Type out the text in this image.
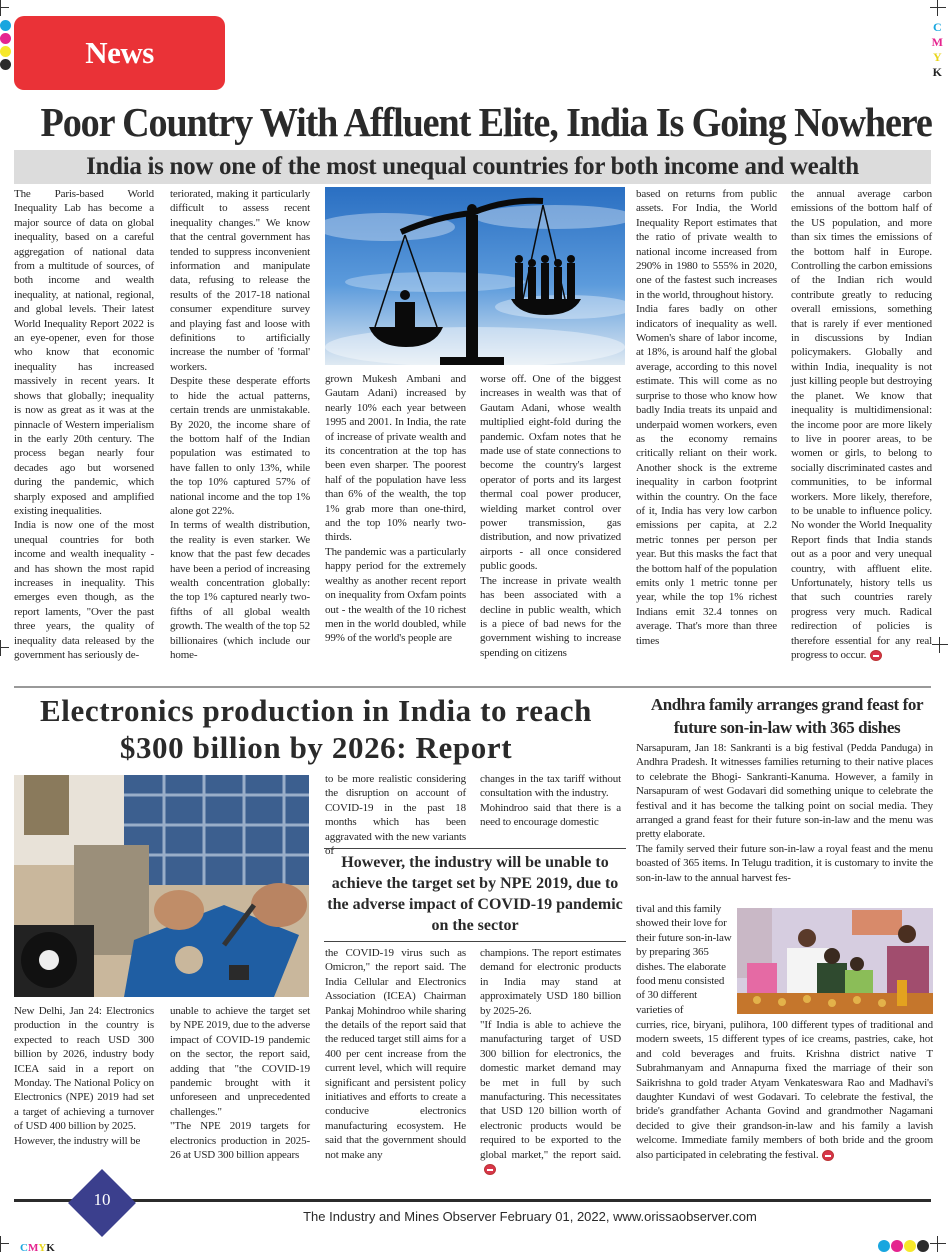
C
M
Y
K
News
Poor Country With Affluent Elite, India Is Going Nowhere
India is now one of the most unequal countries for both income and wealth

The Paris-based World Inequality Lab has become a major source of data on global inequality, based on a careful aggregation of national data from a multitude of sources, of both income and wealth inequality, at national, regional, and global levels. Their latest World Inequality Report 2022 is an eye-opener, even for those who know that economic inequality has increased massively in recent years. It shows that globally; inequality is now as great as it was at the pinnacle of Western imperialism in the early 20th century. The process began nearly four decades ago but worsened during the pandemic, which sharply exposed and amplified existing inequalities.

India is now one of the most unequal countries for both income and wealth inequality - and has shown the most rapid increases in inequality. This emerges even though, as the report laments, "Over the past three years, the quality of inequality data released by the government has seriously de-

teriorated, making it particularly difficult to assess recent inequality changes." We know that the central government has tended to suppress inconvenient information and manipulate data, refusing to release the results of the 2017-18 national consumer expenditure survey and playing fast and loose with definitions to artificially increase the number of 'formal' workers.

Despite these desperate efforts to hide the actual patterns, certain trends are unmistakable. By 2020, the income share of the bottom half of the Indian population was estimated to have fallen to only 13%, while the top 10% captured 57% of national income and the top 1% alone got 22%.

In terms of wealth distribution, the reality is even starker. We know that the past few decades have been a period of increasing wealth concentration globally: the top 1% captured nearly two-fifths of all global wealth growth. The wealth of the top 52 billionaires (which include our home-

grown Mukesh Ambani and Gautam Adani) increased by nearly 10% each year between 1995 and 2001. In India, the rate of increase of private wealth and its concentration at the top has been even sharper. The poorest half of the population have less than 6% of the wealth, the top 1% grab more than one-third, and the top 10% nearly two-thirds.

The pandemic was a particularly happy period for the extremely wealthy as another recent report on inequality from Oxfam points out - the wealth of the 10 richest men in the world doubled, while 99% of the world's people are

worse off. One of the biggest increases in wealth was that of Gautam Adani, whose wealth multiplied eight-fold during the pandemic. Oxfam notes that he made use of state connections to become the country's largest operator of ports and its largest thermal coal power producer, wielding market control over power transmission, gas distribution, and now privatized airports - all once considered public goods.

The increase in private wealth has been associated with a decline in public wealth, which is a piece of bad news for the government wishing to increase spending on citizens

based on returns from public assets. For India, the World Inequality Report estimates that the ratio of private wealth to national income increased from 290% in 1980 to 555% in 2020, one of the fastest such increases in the world, throughout history.

India fares badly on other indicators of inequality as well. Women's share of labor income, at 18%, is around half the global average, according to this novel estimate. This will come as no surprise to those who know how badly India treats its unpaid and underpaid women workers, even as the economy remains critically reliant on their work. Another shock is the extreme inequality in carbon footprint within the country. On the face of it, India has very low carbon emissions per capita, at 2.2 metric tonnes per person per year. But this masks the fact that the bottom half of the population emits only 1 metric tonne per year, while the top 1% richest Indians emit 32.4 tonnes on average. That's more than three times

the annual average carbon emissions of the bottom half of the US population, and more than six times the emissions of the bottom half in Europe. Controlling the carbon emissions of the Indian rich would contribute greatly to reducing overall emissions, something that is rarely if ever mentioned in discussions by Indian policymakers. Globally and within India, inequality is not just killing people but destroying the planet. We know that inequality is multidimensional: the income poor are more likely to live in poorer areas, to be women or girls, to belong to socially discriminated castes and communities, to be informal workers. More likely, therefore, to be unable to influence policy. No wonder the World Inequality Report finds that India stands out as a poor and very unequal country, with affluent elite. Unfortunately, history tells us that such countries rarely progress very much. Radical redirection of policies is therefore essential for any real progress to occur.

Electronics production in India to reach $300 billion by 2026: Report

New Delhi, Jan 24: Electronics production in the country is expected to reach USD 300 billion by 2026, industry body ICEA said in a report on Monday. The National Policy on Electronics (NPE) 2019 had set a target of achieving a turnover of USD 400 billion by 2025.

However, the industry will be

unable to achieve the target set by NPE 2019, due to the adverse impact of COVID-19 pandemic on the sector, the report said, adding that "the COVID-19 pandemic brought with it unforeseen and unprecedented challenges."

"The NPE 2019 targets for electronics production in 2025-26 at USD 300 billion appears

to be more realistic considering the disruption on account of COVID-19 in the past 18 months which has been aggravated with the new variants of

changes in the tax tariff without consultation with the industry.

Mohindroo said that there is a need to encourage domestic

However, the industry will be unable to achieve the target set by NPE 2019, due to the adverse impact of COVID-19 pandemic on the sector

the COVID-19 virus such as Omicron," the report said. The India Cellular and Electronics Association (ICEA) Chairman Pankaj Mohindroo while sharing the details of the report said that the reduced target still aims for a 400 per cent increase from the current level, which will require significant and persistent policy initiatives and efforts to create a conducive electronics manufacturing ecosystem. He said that the government should not make any

champions. The report estimates demand for electronic products in India may stand at approximately USD 180 billion by 2025-26.

"If India is able to achieve the manufacturing target of USD 300 billion for electronics, the domestic market demand may be met in full by such manufacturing. This necessitates that USD 120 billion worth of electronic products would be required to be exported to the global market," the report said.

Andhra family arranges grand feast for future son-in-law with 365 dishes

Narsapuram, Jan 18: Sankranti is a big festival (Pedda Panduga) in Andhra Pradesh. It witnesses families returning to their native places to celebrate the Bhogi- Sankranti-Kanuma. However, a family in Narsapuram of west Godavari did something unique to celebrate the festival and it has become the talking point on social media. They arranged a grand feast for their future son-in-law and the menu was pretty elaborate.

The family served their future son-in-law a royal feast and the menu boasted of 365 items. In Telugu tradition, it is customary to invite the son-in-law to the annual harvest fes-

tival and this family showed their love for their future son-in-law by preparing 365 dishes. The elaborate food menu consisted of 30 different varieties of

curries, rice, biryani, pulihora, 100 different types of traditional and modern sweets, 15 different types of ice creams, pastries, cake, hot and cold beverages and fruits. Krishna district native T Subrahmanyam and Annapurna fixed the marriage of their son Saikrishna to gold trader Atyam Venkateswara Rao and Madhavi's daughter Kundavi of west Godavari. To celebrate the festival, the bride's grandfather Achanta Govind and grandmother Nagamani decided to give their grandson-in-law and his family a lavish welcome. Immediate family members of both bride and the groom also participated in celebrating the festival.

10
The Industry and Mines Observer February 01, 2022, www.orissaobserver.com
CMYK
